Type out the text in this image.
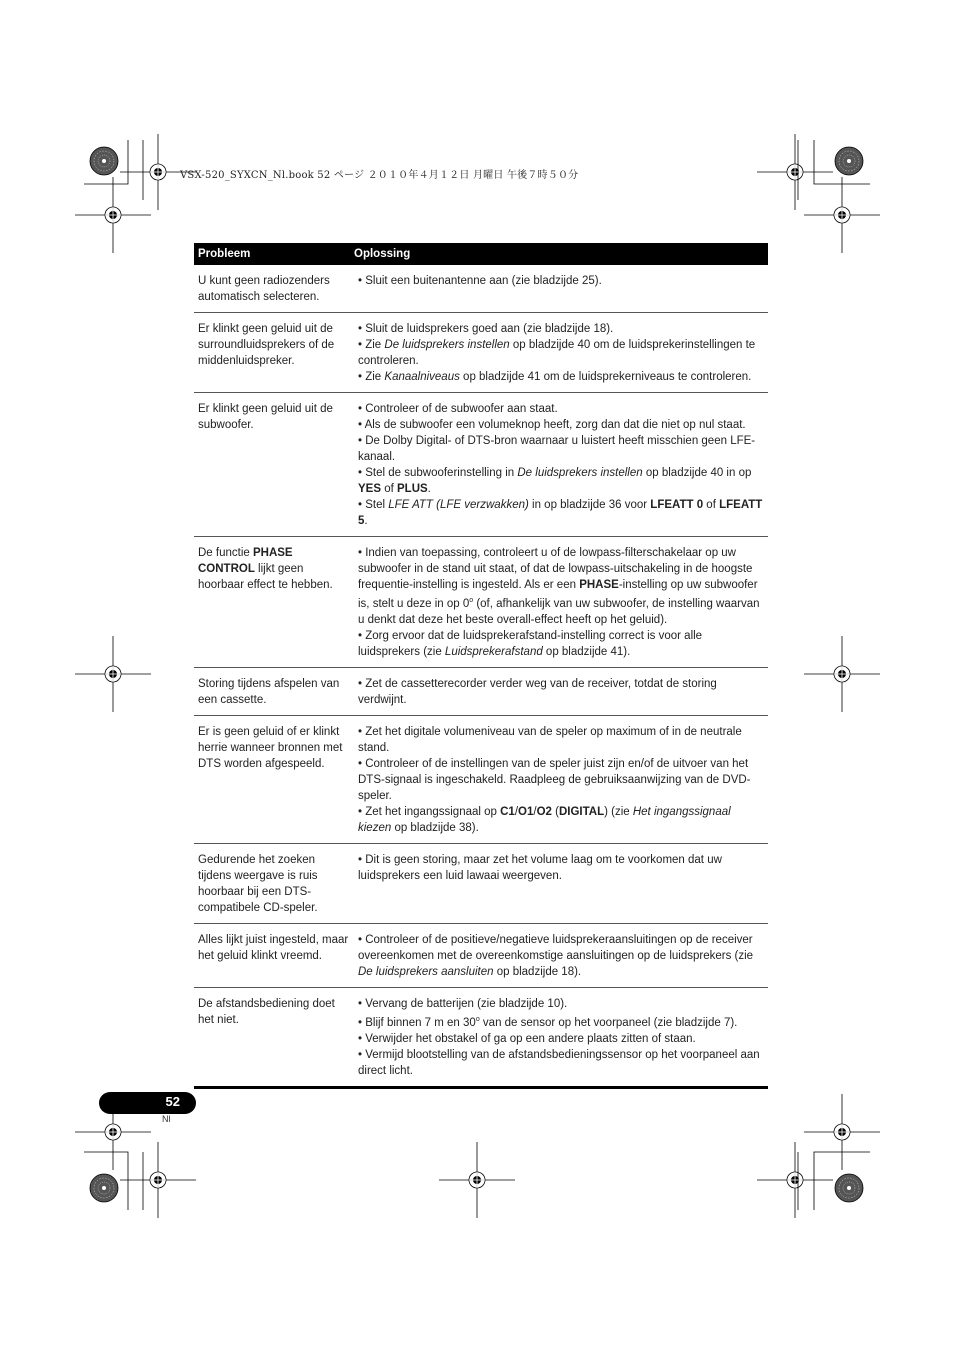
VSX-520_SYXCN_Nl.book 52 ページ ２０１０年４月１２日 月曜日 午後７時５０分
Probleem	Oplossing
U kunt geen radiozenders automatisch selecteren.
• Sluit een buitenantenne aan (zie bladzijde 25).
Er klinkt geen geluid uit de surroundluidsprekers of de middenluidspreker.
• Sluit de luidsprekers goed aan (zie bladzijde 18).
• Zie De luidsprekers instellen op bladzijde 40 om de luidsprekerinstellingen te controleren.
• Zie Kanaalniveaus op bladzijde 41 om de luidsprekerniveaus te controleren.
Er klinkt geen geluid uit de subwoofer.
• Controleer of de subwoofer aan staat.
• Als de subwoofer een volumeknop heeft, zorg dan dat die niet op nul staat.
• De Dolby Digital- of DTS-bron waarnaar u luistert heeft misschien geen LFE-kanaal.
• Stel de subwooferinstelling in De luidsprekers instellen op bladzijde 40 in op YES of PLUS.
• Stel LFE ATT (LFE verzwakken) in op bladzijde 36 voor LFEATT 0 of LFEATT 5.
De functie PHASE CONTROL lijkt geen hoorbaar effect te hebben.
• Indien van toepassing, controleert u of de lowpass-filterschakelaar op uw subwoofer in de stand uit staat, of dat de lowpass-uitschakeling in de hoogste frequentie-instelling is ingesteld. Als er een PHASE-instelling op uw subwoofer is, stelt u deze in op 0$^o$ (of, afhankelijk van uw subwoofer, de instelling waarvan u denkt dat deze het beste overall-effect heeft op het geluid).
• Zorg ervoor dat de luidsprekerafstand-instelling correct is voor alle luidsprekers (zie Luidsprekerafstand op bladzijde 41).
Storing tijdens afspelen van een cassette.
• Zet de cassetterecorder verder weg van de receiver, totdat de storing verdwijnt.
Er is geen geluid of er klinkt herrie wanneer bronnen met DTS worden afgespeeld.
• Zet het digitale volumeniveau van de speler op maximum of in de neutrale stand.
• Controleer of de instellingen van de speler juist zijn en/of de uitvoer van het DTS-signaal is ingeschakeld. Raadpleeg de gebruiksaanwijzing van de DVD-speler.
• Zet het ingangssignaal op C1/O1/O2 (DIGITAL) (zie Het ingangssignaal kiezen op bladzijde 38).
Gedurende het zoeken tijdens weergave is ruis hoorbaar bij een DTS-compatibele CD-speler.
• Dit is geen storing, maar zet het volume laag om te voorkomen dat uw luidsprekers een luid lawaai weergeven.
Alles lijkt juist ingesteld, maar het geluid klinkt vreemd.
• Controleer of de positieve/negatieve luidsprekeraansluitingen op de receiver overeenkomen met de overeenkomstige aansluitingen op de luidsprekers (zie De luidsprekers aansluiten op bladzijde 18).
De afstandsbediening doet het niet.
• Vervang de batterijen (zie bladzijde 10).
• Blijf binnen 7 m en 30$^o$ van de sensor op het voorpaneel (zie bladzijde 7).
• Verwijder het obstakel of ga op een andere plaats zitten of staan.
• Vermijd blootstelling van de afstandsbedieningssensor op het voorpaneel aan direct licht.
52
Nl
